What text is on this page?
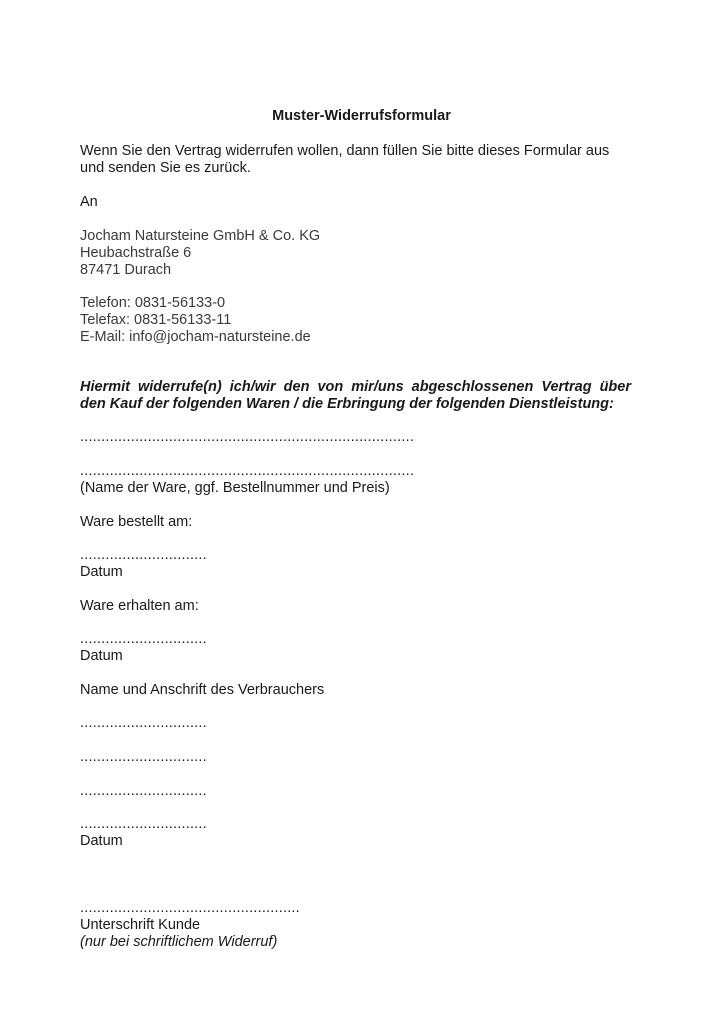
Muster-Widerrufsformular

Wenn Sie den Vertrag widerrufen wollen, dann füllen Sie bitte dieses Formular aus

und senden Sie es zurück.

An

Jocham Natursteine GmbH & Co. KG

Heubachstraße 6

87471 Durach

Telefon: 0831-56133-0

Telefax: 0831-56133-11

E-Mail: info@jocham-natursteine.de

Hiermit widerrufe(n) ich/wir den von mir/uns abgeschlossenen Vertrag über

den Kauf der folgenden Waren / die Erbringung der folgenden Dienstleistung:

...............................................................................

...............................................................................

(Name der Ware, ggf. Bestellnummer und Preis)

Ware bestellt am:

..............................

Datum

Ware erhalten am:

..............................

Datum

Name und Anschrift des Verbrauchers

..............................

..............................

..............................

..............................

Datum

....................................................

Unterschrift Kunde

(nur bei schriftlichem Widerruf)
